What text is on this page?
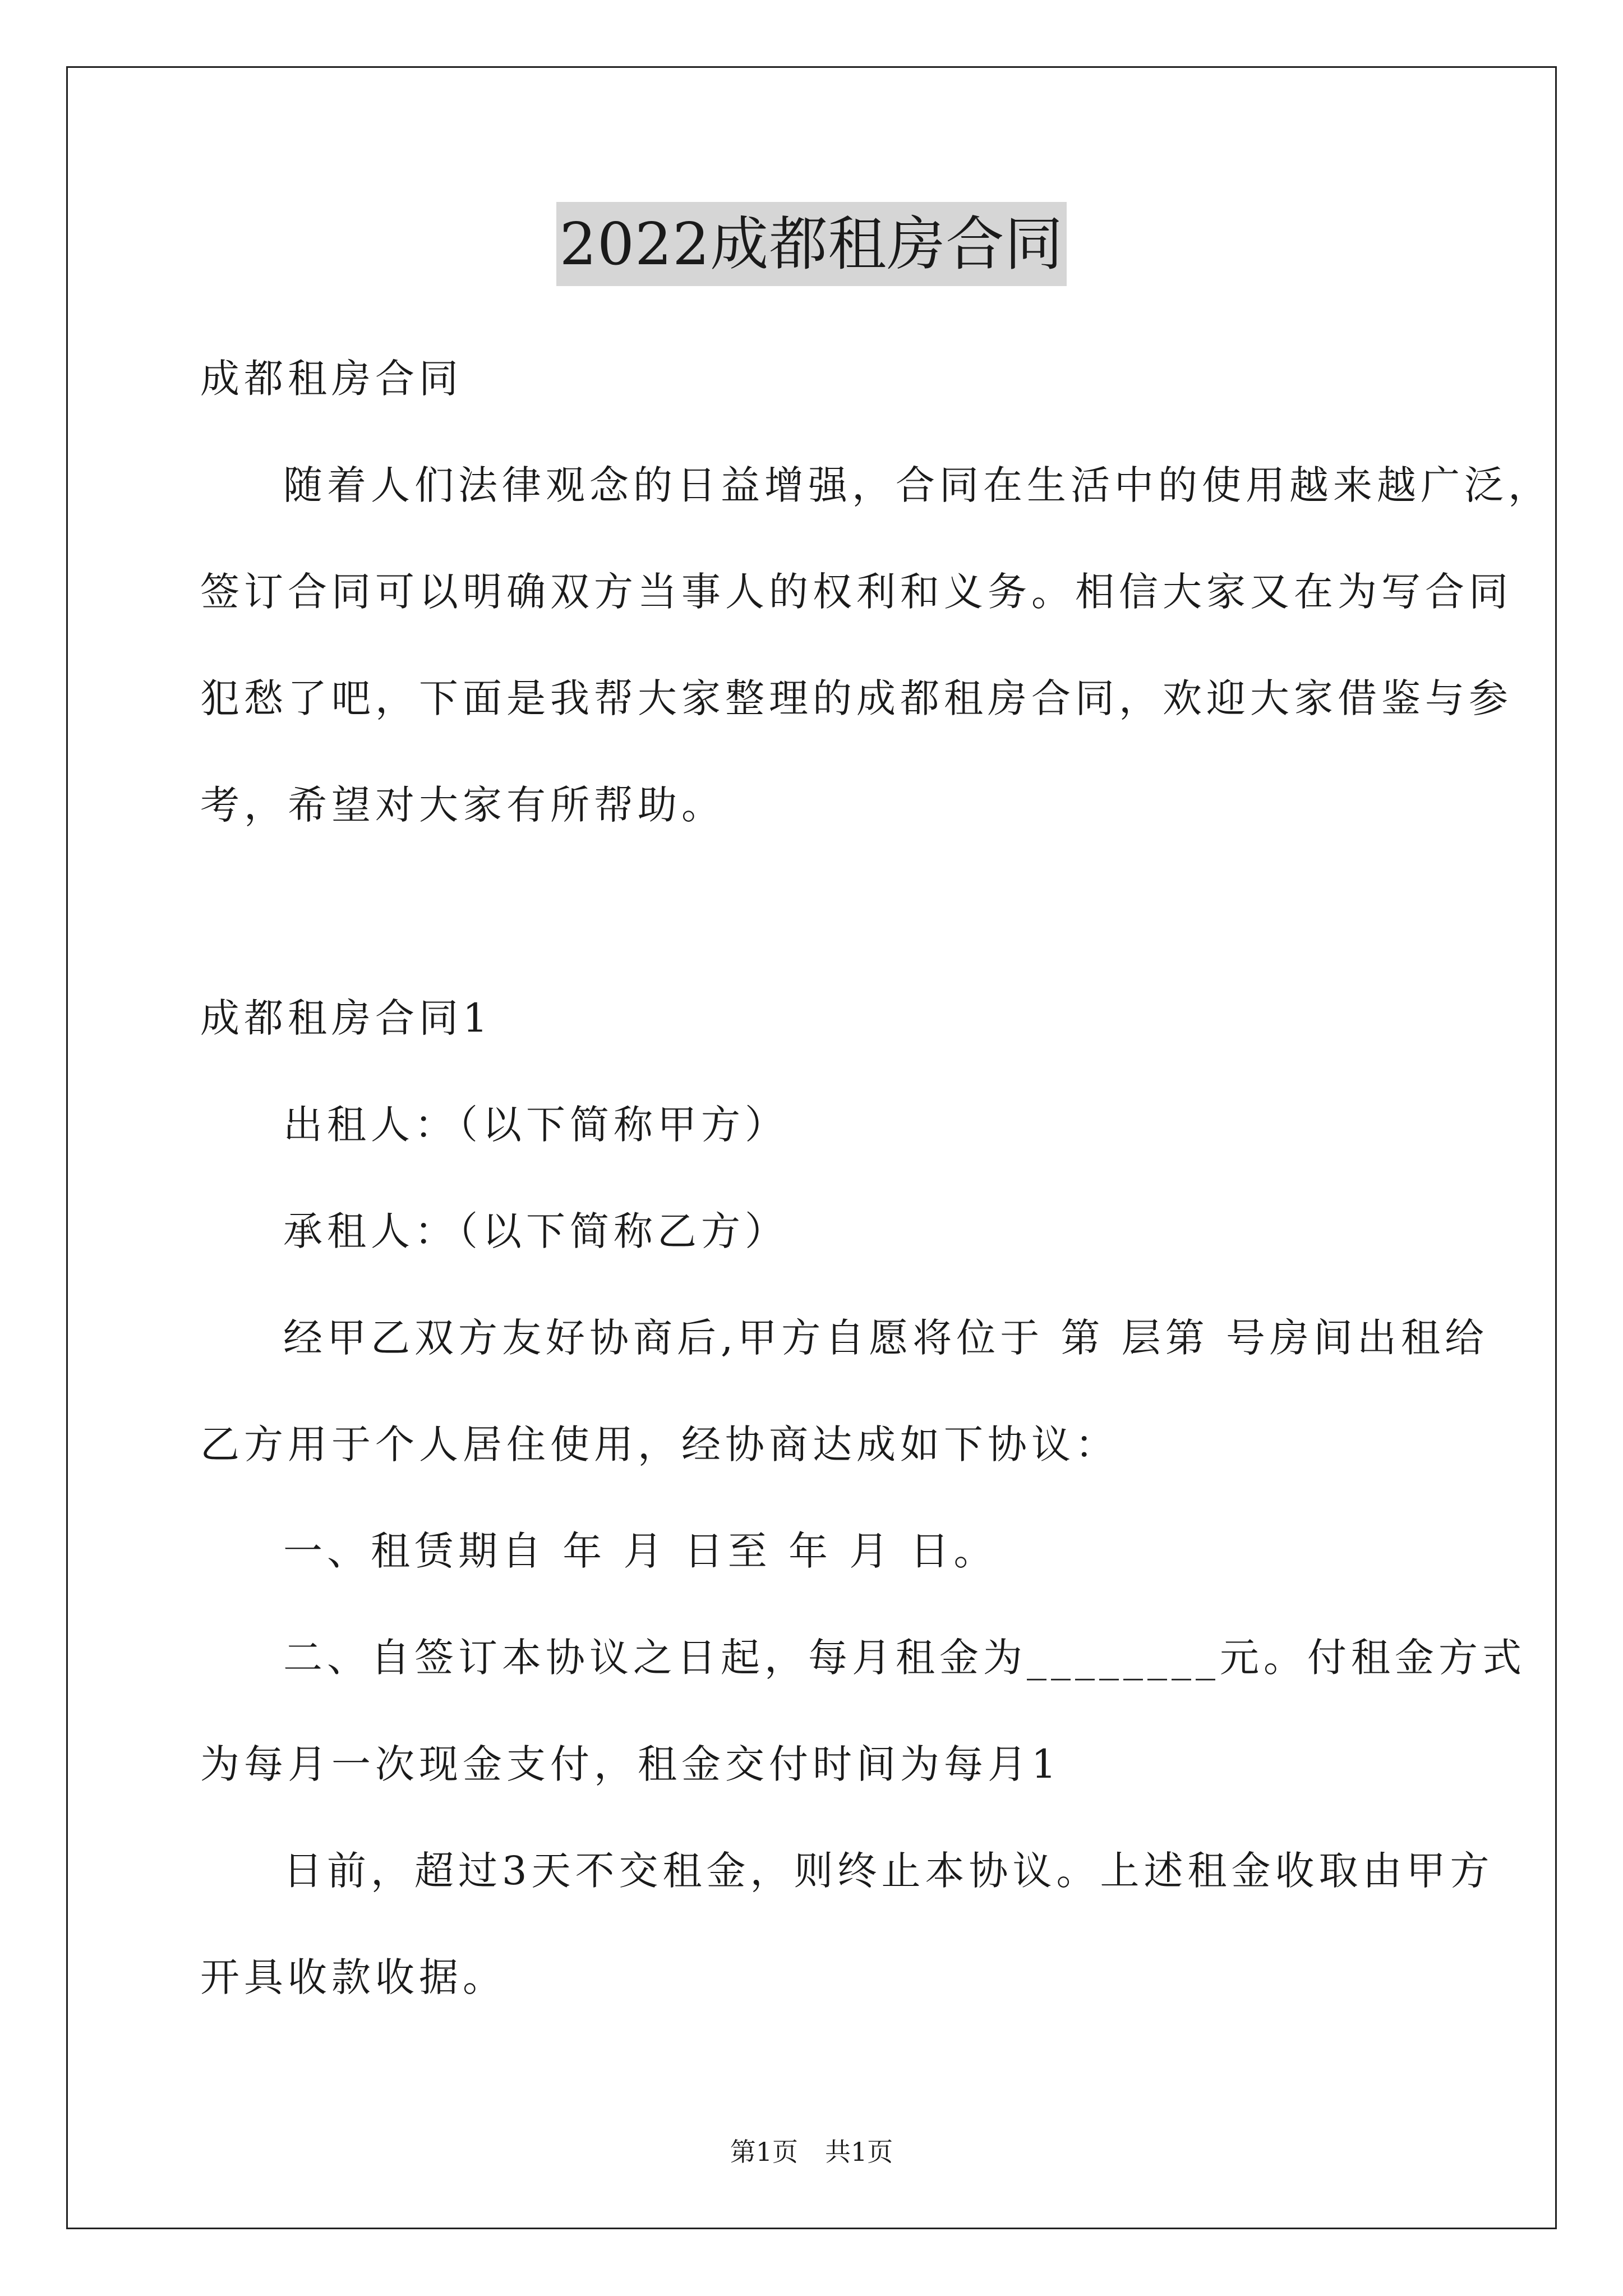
2022成都租房合同
成都租房合同
随着人们法律观念的日益增强，合同在生活中的使用越来越广泛，
签订合同可以明确双方当事人的权利和义务。相信大家又在为写合同
犯愁了吧，下面是我帮大家整理的成都租房合同，欢迎大家借鉴与参
考，希望对大家有所帮助。
成都租房合同1
出租人：（以下简称甲方）
承租人：（以下简称乙方）
经甲乙双方友好协商后,甲方自愿将位于 第 层第 号房间出租给
乙方用于个人居住使用，经协商达成如下协议：
一、租赁期自 年 月 日至 年 月 日。
二、自签订本协议之日起，每月租金为________元。付租金方式
为每月一次现金支付，租金交付时间为每月1
日前，超过3天不交租金，则终止本协议。上述租金收取由甲方
开具收款收据。
第1页 共1页
